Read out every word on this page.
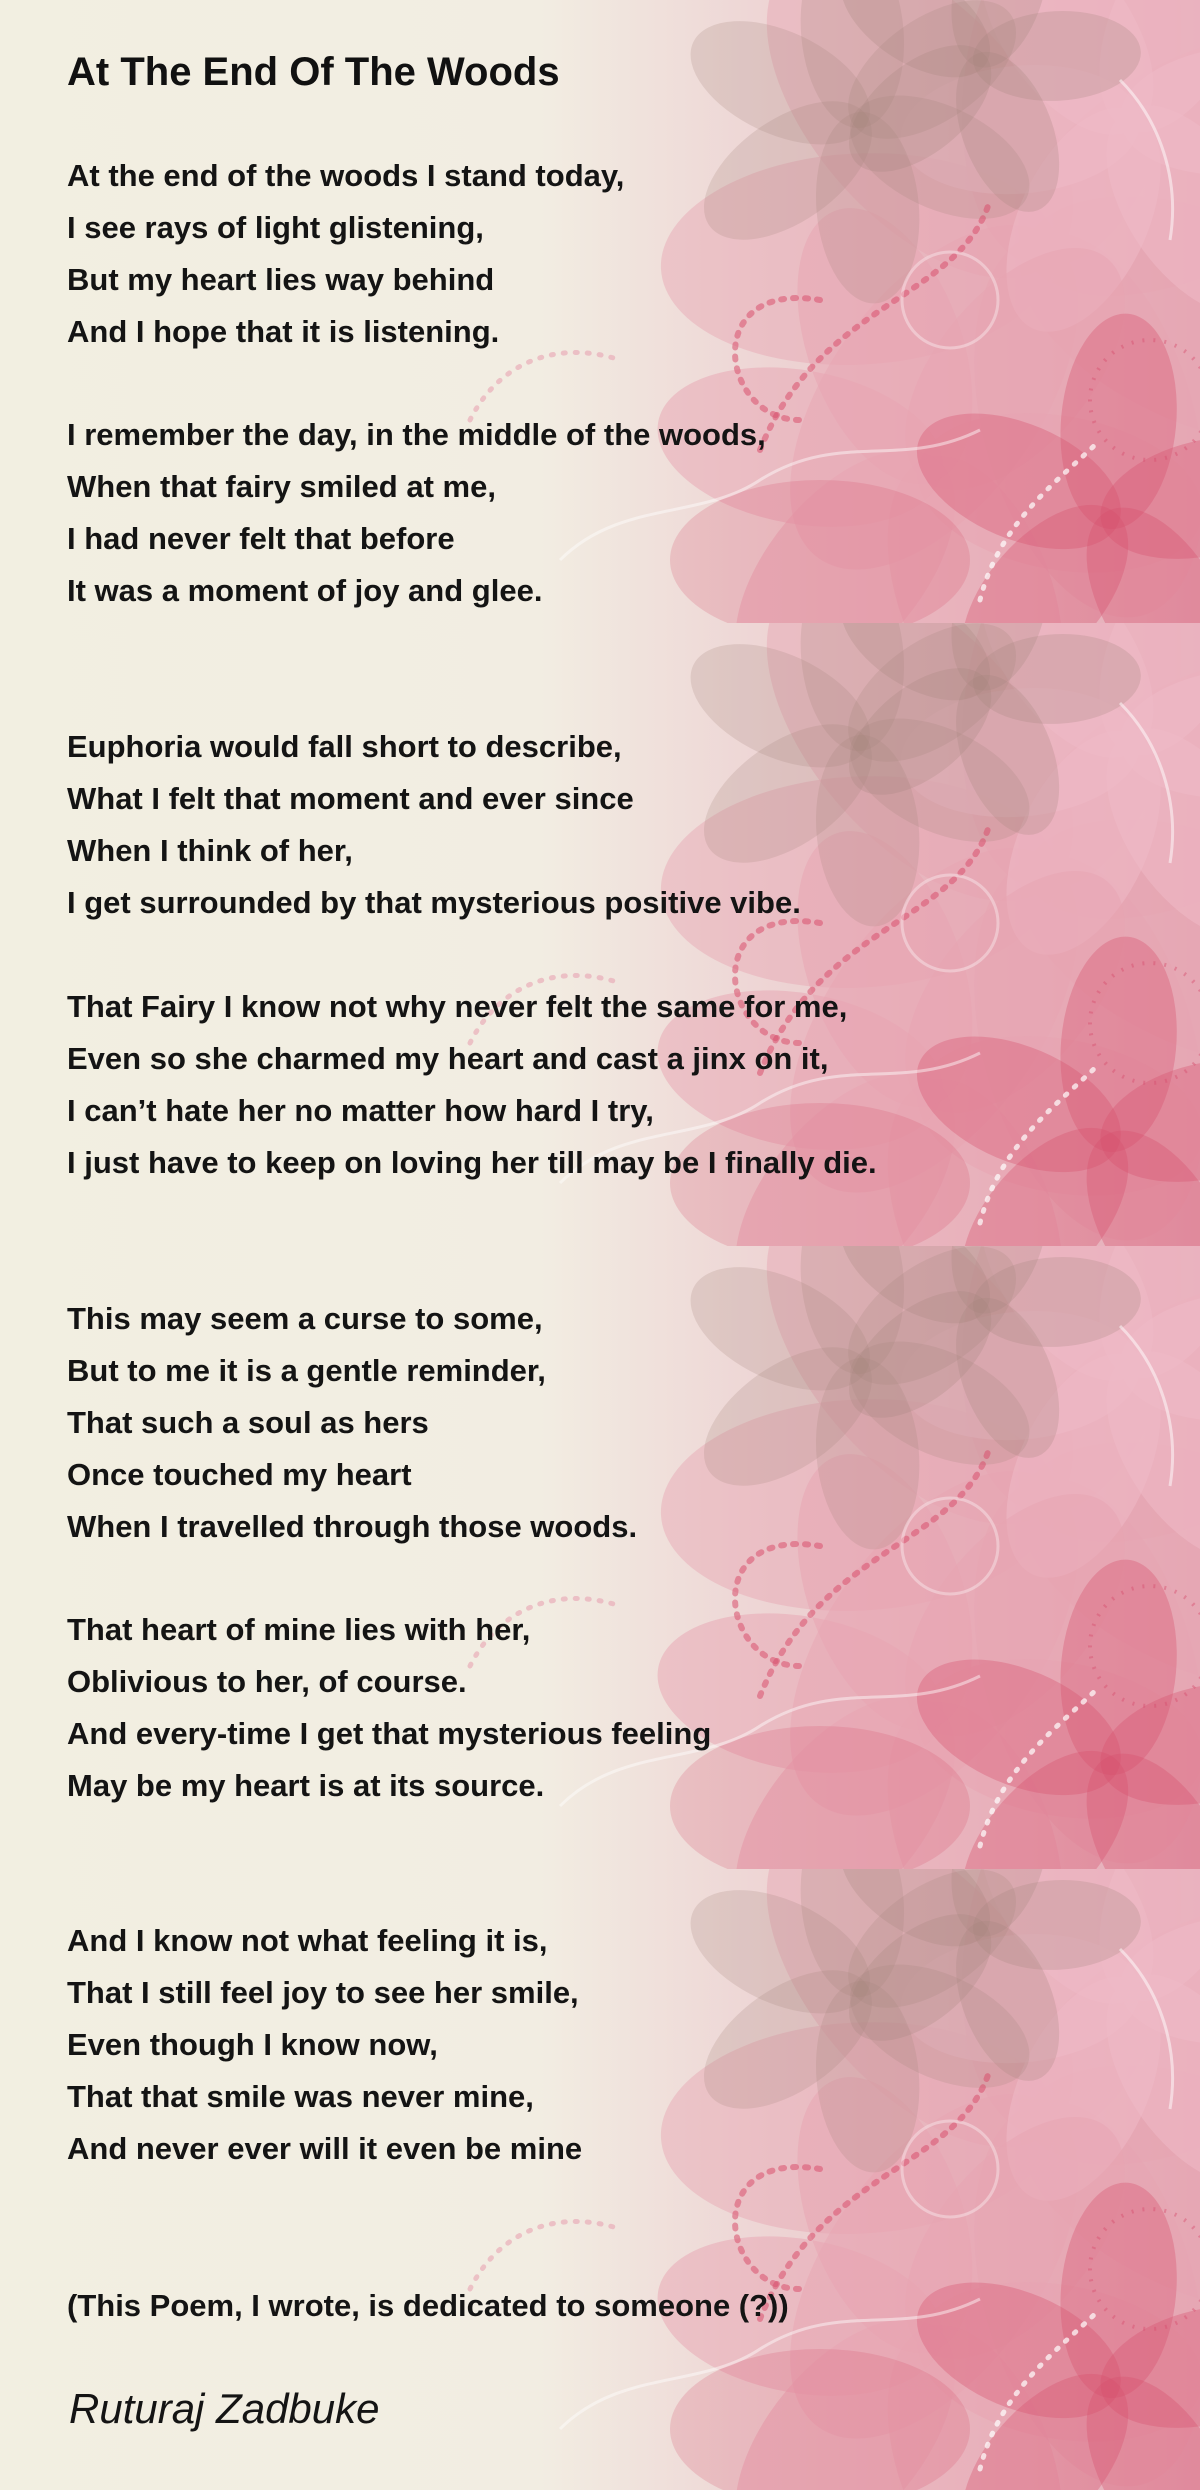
At The End Of The Woods
At the end of the woods I stand today,
I see rays of light glistening,
But my heart lies way behind
And I hope that it is listening.
I remember the day, in the middle of the woods,
When that fairy smiled at me,
I had never felt that before
It was a moment of joy and glee.
Euphoria would fall short to describe,
What I felt that moment and ever since
When I think of her,
I get surrounded by that mysterious positive vibe.
That Fairy I know not why never felt the same for me,
Even so she charmed my heart and cast a jinx on it,
I can’t hate her no matter how hard I try,
I just have to keep on loving her till may be I finally die.
This may seem a curse to some,
But to me it is a gentle reminder,
That such a soul as hers
Once touched my heart
When I travelled through those woods.
That heart of mine lies with her,
Oblivious to her, of course.
And every-time I get that mysterious feeling
May be my heart is at its source.
And I know not what feeling it is,
That I still feel joy to see her smile,
Even though I know now,
That that smile was never mine,
And never ever will it even be mine
(This Poem, I wrote, is dedicated to someone (?))
Ruturaj Zadbuke
